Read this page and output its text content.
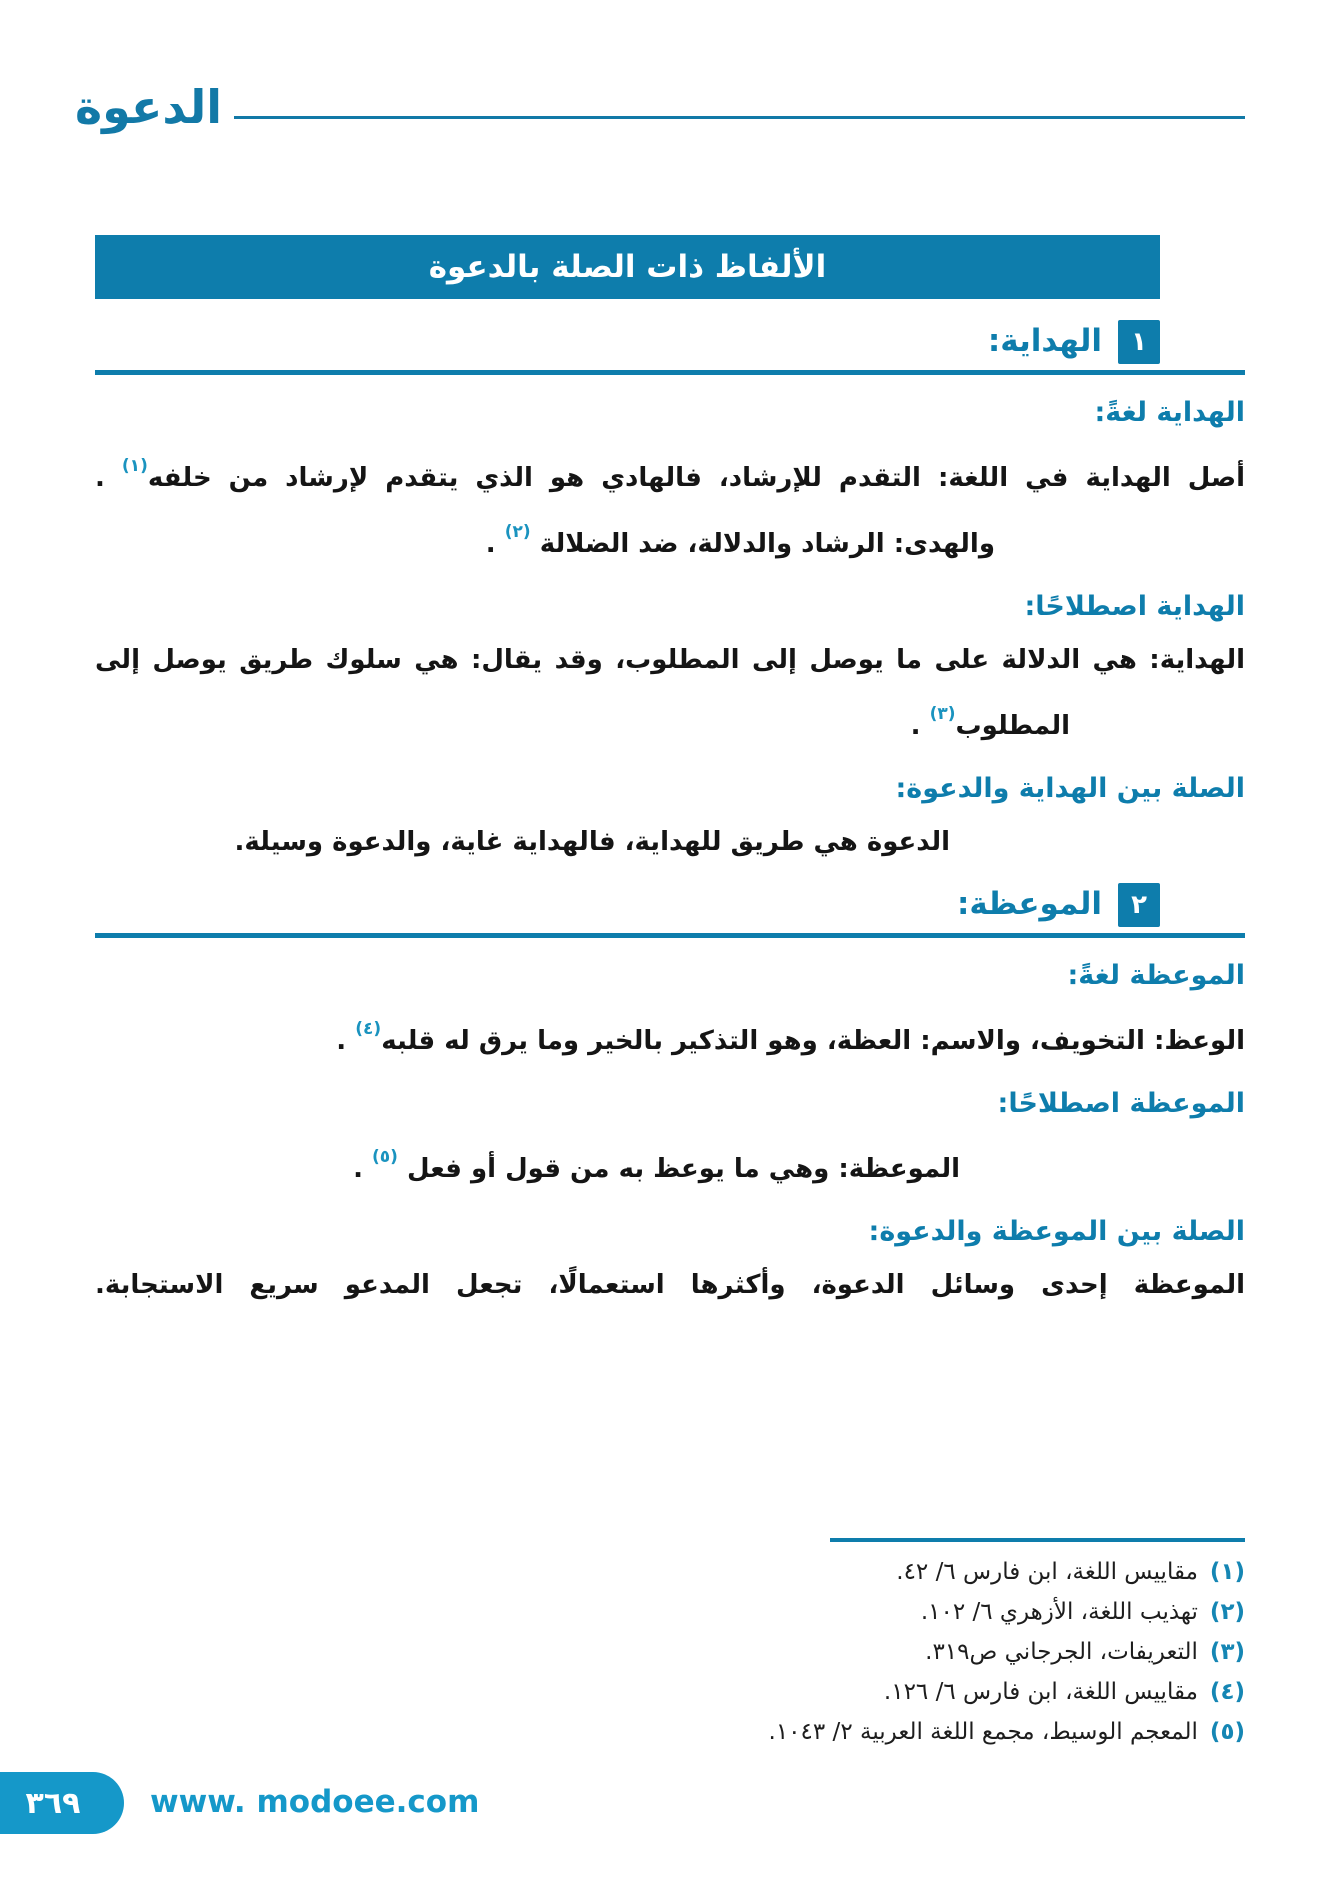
الدعوة
الألفاظ ذات الصلة بالدعوة
١
الهداية:
الهداية لغةً:
أصل الهداية في اللغة: التقدم للإرشاد، فالهادي هو الذي يتقدم لإرشاد من خلفه$^{(١)}$ .
والهدى: الرشاد والدلالة، ضد الضلالة $^{(٢)}$ .
الهداية اصطلاحًا:
الهداية: هي الدلالة على ما يوصل إلى المطلوب، وقد يقال: هي سلوك طريق يوصل إلى
المطلوب$^{(٣)}$ .
الصلة بين الهداية والدعوة:
الدعوة هي طريق للهداية، فالهداية غاية، والدعوة وسيلة.
٢
الموعظة:
الموعظة لغةً:
الوعظ: التخويف، والاسم: العظة، وهو التذكير بالخير وما يرق له قلبه$^{(٤)}$ .
الموعظة اصطلاحًا:
الموعظة: وهي ما يوعظ به من قول أو فعل $^{(٥)}$ .
الصلة بين الموعظة والدعوة:
الموعظة إحدى وسائل الدعوة، وأكثرها استعمالًا، تجعل المدعو سريع الاستجابة.
(١)مقاييس اللغة، ابن فارس ٦/ ٤٢.
(٢)تهذيب اللغة، الأزهري ٦/ ١٠٢.
(٣)التعريفات، الجرجاني ص٣١٩.
(٤)مقاييس اللغة، ابن فارس ٦/ ١٢٦.
(٥)المعجم الوسيط، مجمع اللغة العربية ٢/ ١٠٤٣.
٣٦٩ www. modoee.com
